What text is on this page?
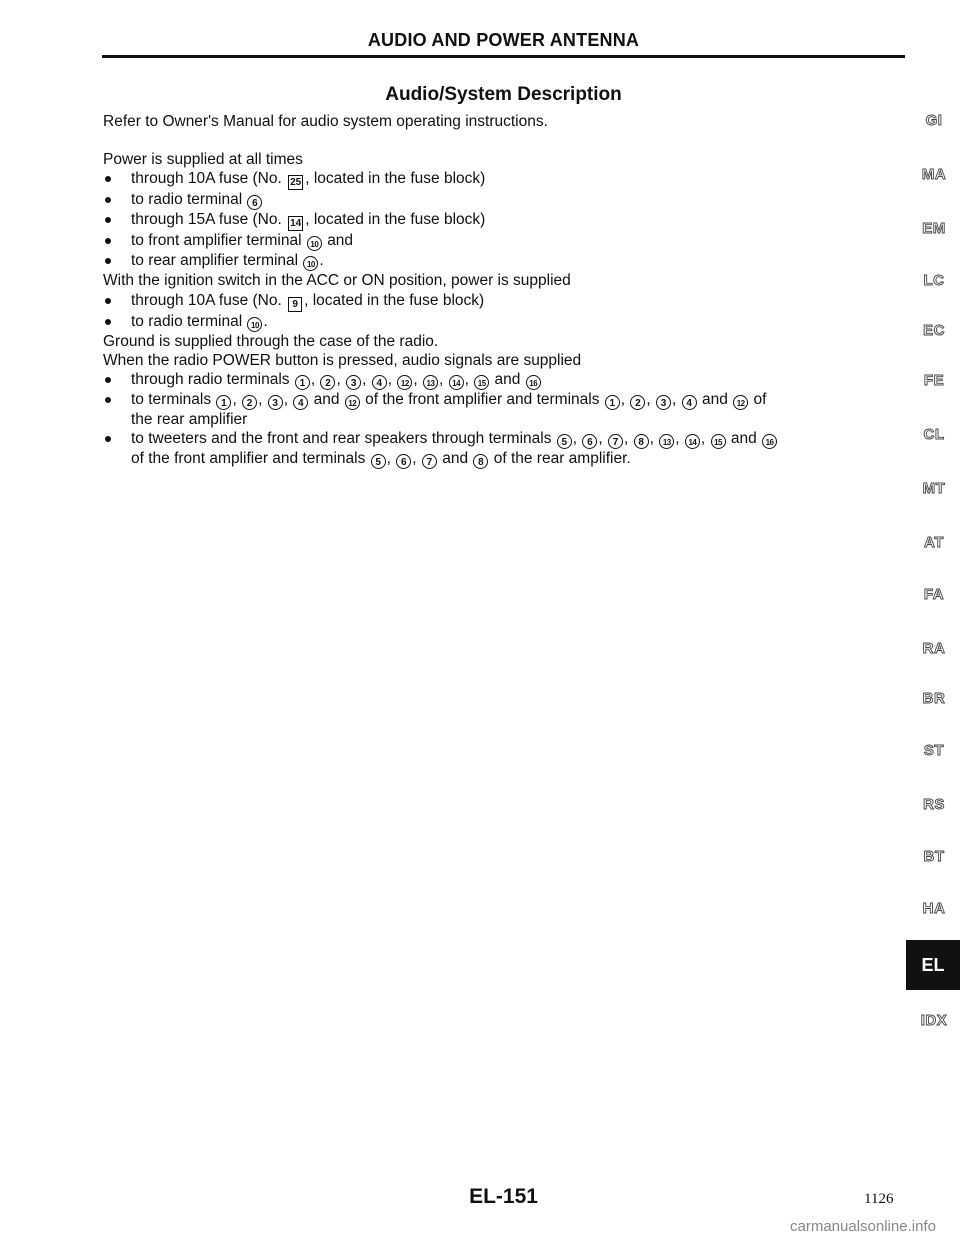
AUDIO AND POWER ANTENNA
Audio/System Description
Refer to Owner's Manual for audio system operating instructions.
Power is supplied at all times
through 10A fuse (No. 25 , located in the fuse block)
to radio terminal 6
through 15A fuse (No. 14 , located in the fuse block)
to front amplifier terminal 10 and
to rear amplifier terminal 10 .
With the ignition switch in the ACC or ON position, power is supplied
through 10A fuse (No. 9 , located in the fuse block)
to radio terminal 10 .
Ground is supplied through the case of the radio.
When the radio POWER button is pressed, audio signals are supplied
through radio terminals 1 , 2 , 3 , 4 , 12 , 13 , 14 , 15 and 16
to terminals 1 , 2 , 3 , 4 and 12 of the front amplifier and terminals 1 , 2 , 3 , 4 and 12 of
the rear amplifier
to tweeters and the front and rear speakers through terminals 5 , 6 , 7 , 8 , 13 , 14 , 15 and 16
of the front amplifier and terminals 5 , 6 , 7 and 8 of the rear amplifier.
GI
MA
EM
LC
EC
FE
CL
MT
AT
FA
RA
BR
ST
RS
BT
HA
IDX
EL
EL-151	1126
carmanualsonline.info
